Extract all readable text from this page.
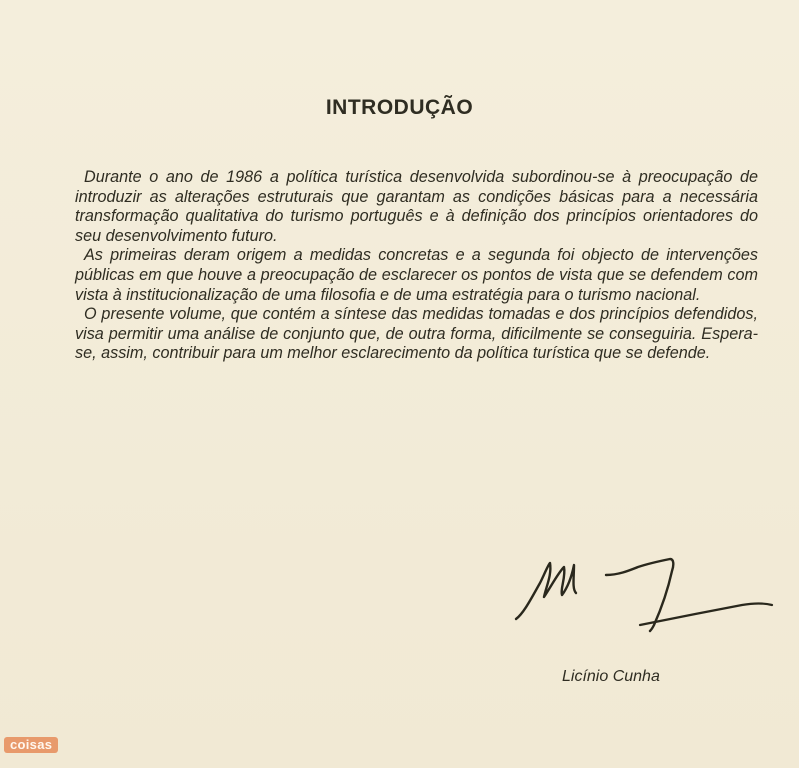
INTRODUÇÃO

Durante o ano de 1986 a política turística desenvolvida subordinou-se à preocupação de introduzir as alterações estruturais que garantam as condições básicas para a necessária transformação qualitativa do turismo português e à definição dos princípios orientadores do seu desenvolvimento futuro.

As primeiras deram origem a medidas concretas e a segunda foi objecto de intervenções públicas em que houve a preocupação de esclarecer os pontos de vista que se defendem com vista à institucionalização de uma filosofia e de uma estratégia para o turismo nacional.

O presente volume, que contém a síntese das medidas tomadas e dos princípios defendidos, visa permitir uma análise de conjunto que, de outra forma, dificilmente se conseguiria. Espera-se, assim, contribuir para um melhor esclarecimento da política turística que se defende.

Licínio Cunha
coisas
